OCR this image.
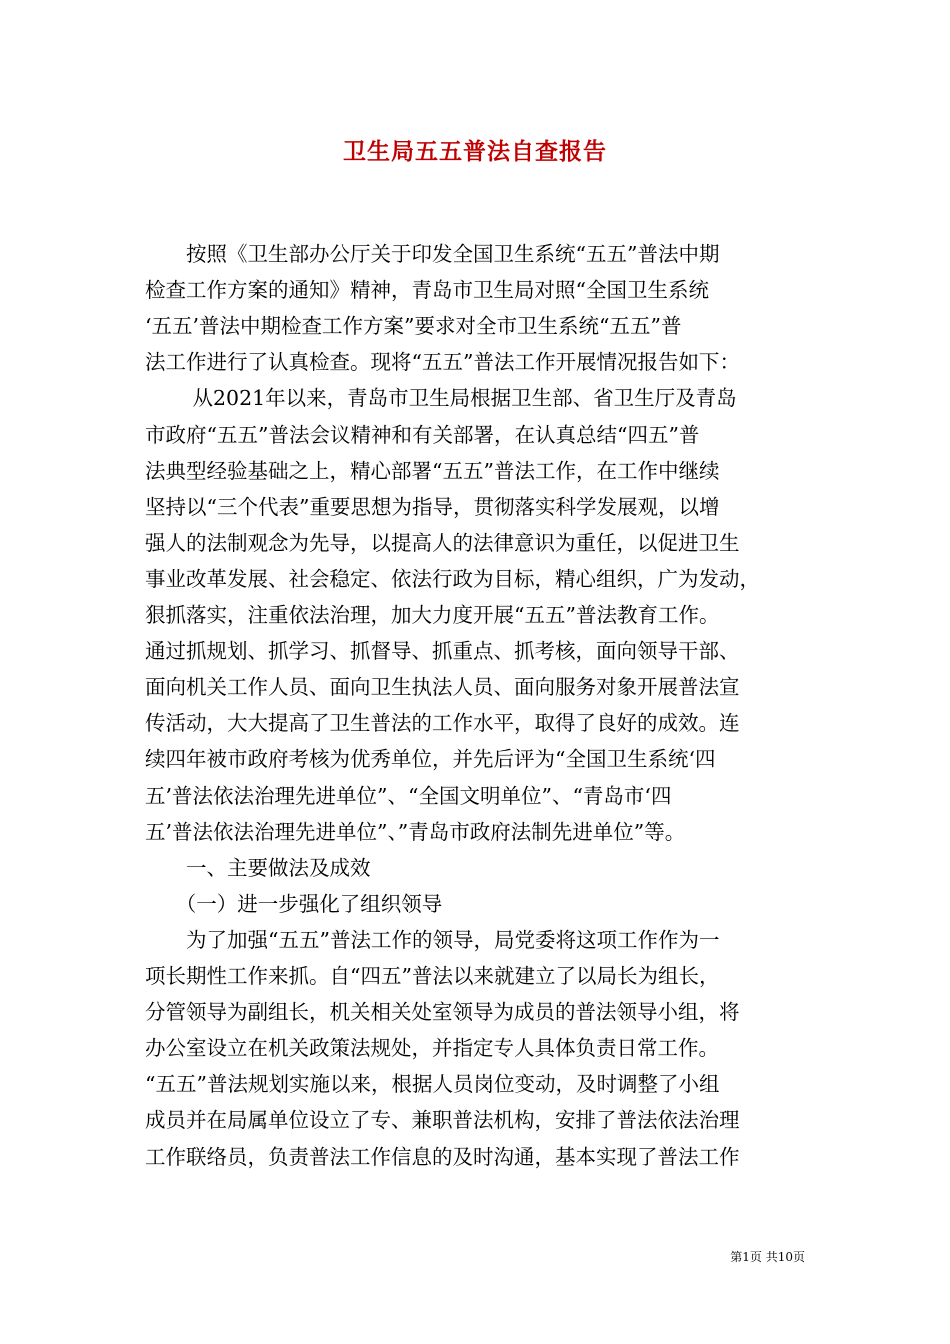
卫生局五五普法自查报告
　　按照《卫生部办公厅关于印发全国卫生系统“五五”普法中期
检查工作方案的通知》精神，青岛市卫生局对照“全国卫生系统
‘五五’普法中期检查工作方案”要求对全市卫生系统“五五”普
法工作进行了认真检查。现将“五五”普法工作开展情况报告如下：
　　 从2021年以来，青岛市卫生局根据卫生部、省卫生厅及青岛
市政府“五五”普法会议精神和有关部署，在认真总结“四五”普
法典型经验基础之上，精心部署“五五”普法工作，在工作中继续
坚持以“三个代表”重要思想为指导，贯彻落实科学发展观，以增
强人的法制观念为先导，以提高人的法律意识为重任，以促进卫生
事业改革发展、社会稳定、依法行政为目标，精心组织，广为发动，
狠抓落实，注重依法治理，加大力度开展“五五”普法教育工作。
通过抓规划、抓学习、抓督导、抓重点、抓考核，面向领导干部、
面向机关工作人员、面向卫生执法人员、面向服务对象开展普法宣
传活动，大大提高了卫生普法的工作水平，取得了良好的成效。连
续四年被市政府考核为优秀单位，并先后评为“全国卫生系统‘四
五’普法依法治理先进单位”、“全国文明单位”、“青岛市‘四
五’普法依法治理先进单位”、”青岛市政府法制先进单位”等。
　　一、主要做法及成效
　　（一）进一步强化了组织领导
　　为了加强“五五”普法工作的领导，局党委将这项工作作为一
项长期性工作来抓。自“四五”普法以来就建立了以局长为组长，
分管领导为副组长，机关相关处室领导为成员的普法领导小组，将
办公室设立在机关政策法规处，并指定专人具体负责日常工作。
“五五”普法规划实施以来，根据人员岗位变动，及时调整了小组
成员并在局属单位设立了专、兼职普法机构，安排了普法依法治理
工作联络员，负责普法工作信息的及时沟通，基本实现了普法工作
第1页 共10页
